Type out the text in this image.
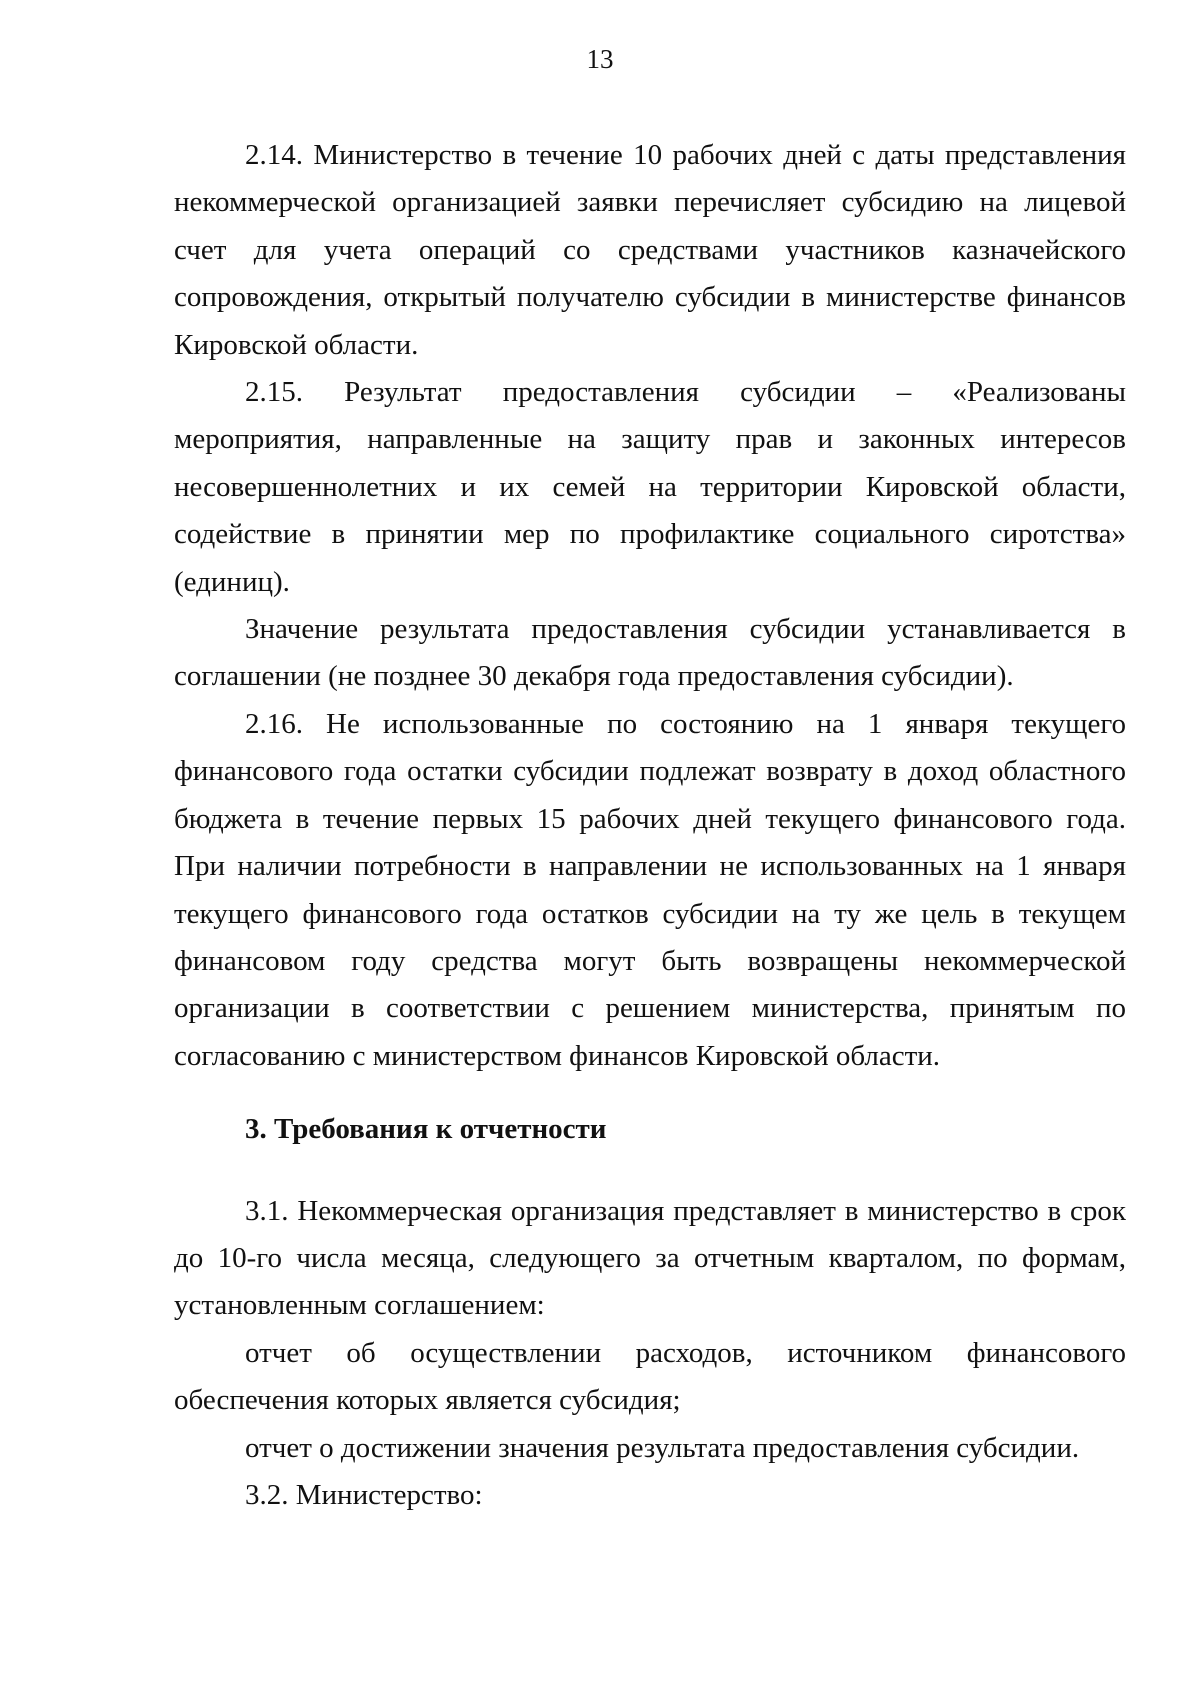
13

2.14. Министерство в течение 10 рабочих дней с даты представления некоммерческой организацией заявки перечисляет субсидию на лицевой счет для учета операций со средствами участников казначейского сопровождения, открытый получателю субсидии в министерстве финансов Кировской области.

2.15. Результат предоставления субсидии – «Реализованы мероприятия, направленные на защиту прав и законных интересов несовершеннолетних и их семей на территории Кировской области, содействие в принятии мер по профилактике социального сиротства» (единиц).

Значение результата предоставления субсидии устанавливается в соглашении (не позднее 30 декабря года предоставления субсидии).

2.16. Не использованные по состоянию на 1 января текущего финансового года остатки субсидии подлежат возврату в доход областного бюджета в течение первых 15 рабочих дней текущего финансового года. При наличии потребности в направлении не использованных на 1 января текущего финансового года остатков субсидии на ту же цель в текущем финансовом году средства могут быть возвращены некоммерческой организации в соответствии с решением министерства, принятым по согласованию с министерством финансов Кировской области.

3. Требования к отчетности

3.1. Некоммерческая организация представляет в министерство в срок до 10-го числа месяца, следующего за отчетным кварталом, по формам, установленным соглашением:

отчет об осуществлении расходов, источником финансового обеспечения которых является субсидия;

отчет о достижении значения результата предоставления субсидии.

3.2. Министерство:
